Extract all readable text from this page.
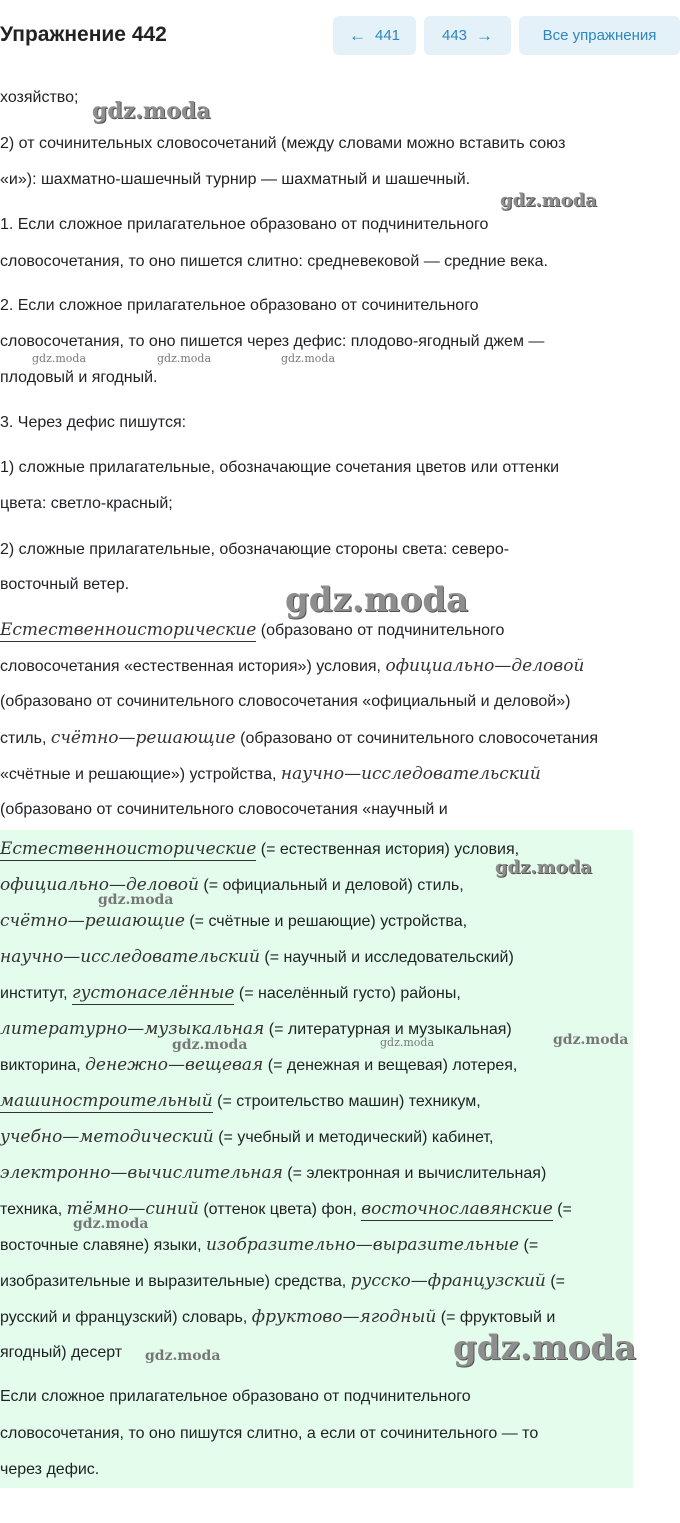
Упражнение 442	← 441	443 →	Все упражнения
хозяйство;
2) от сочинительных словосочетаний (между словами можно вставить союз
«и»): шахматно-шашечный турнир — шахматный и шашечный.
1. Если сложное прилагательное образовано от подчинительного
словосочетания, то оно пишется слитно: средневековой — средние века.
2. Если сложное прилагательное образовано от сочинительного
словосочетания, то оно пишется через дефис: плодово-ягодный джем —
плодовый и ягодный.
3. Через дефис пишутся:
1) сложные прилагательные, обозначающие сочетания цветов или оттенки
цвета: светло-красный;
2) сложные прилагательные, обозначающие стороны света: северо-
восточный ветер.
Естественноисторические (образовано от подчинительного
словосочетания «естественная история») условия, официально—деловой
(образовано от сочинительного словосочетания «официальный и деловой»)
стиль, счётно—решающие (образовано от сочинительного словосочетания
«счётные и решающие») устройства, научно—исследовательский
(образовано от сочинительного словосочетания «научный и
Естественноисторические (= естественная история) условия,
официально—деловой (= официальный и деловой) стиль,
счётно—решающие (= счётные и решающие) устройства,
научно—исследовательский (= научный и исследовательский)
институт, густонаселённые (= населённый густо) районы,
литературно—музыкальная (= литературная и музыкальная)
викторина, денежно—вещевая (= денежная и вещевая) лотерея,
машиностроительный (= строительство машин) техникум,
учебно—методический (= учебный и методический) кабинет,
электронно—вычислительная (= электронная и вычислительная)
техника, тёмно—синий (оттенок цвета) фон, восточнославянские (=
восточные славяне) языки, изобразительно—выразительные (=
изобразительные и выразительные) средства, русско—французский (=
русский и французский) словарь, фруктово—ягодный (= фруктовый и
ягодный) десерт
Если сложное прилагательное образовано от подчинительного
словосочетания, то оно пишутся слитно, а если от сочинительного — то
через дефис.
gdz.moda
gdz.moda
gdz.moda	gdz.moda	gdz.moda
gdz.moda
gdz.moda
gdz.moda
gdz.moda	gdz.moda	gdz.moda
gdz.moda
gdz.moda	gdz.moda
